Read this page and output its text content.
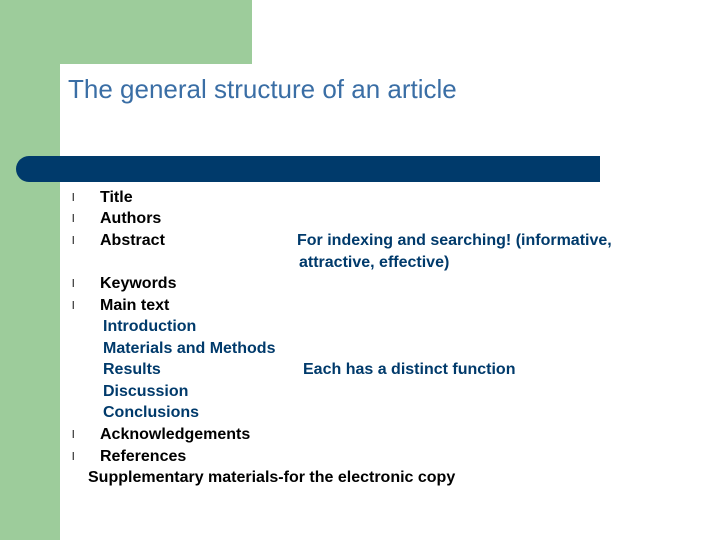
The general structure of an article
l Title
l Authors
l Abstract	For indexing and searching! (informative,
attractive, effective)
l Keywords
l Main text
Introduction
Materials and Methods
Results	Each has a distinct function
Discussion
Conclusions
l Acknowledgements
l References
Supplementary materials-for the electronic copy
